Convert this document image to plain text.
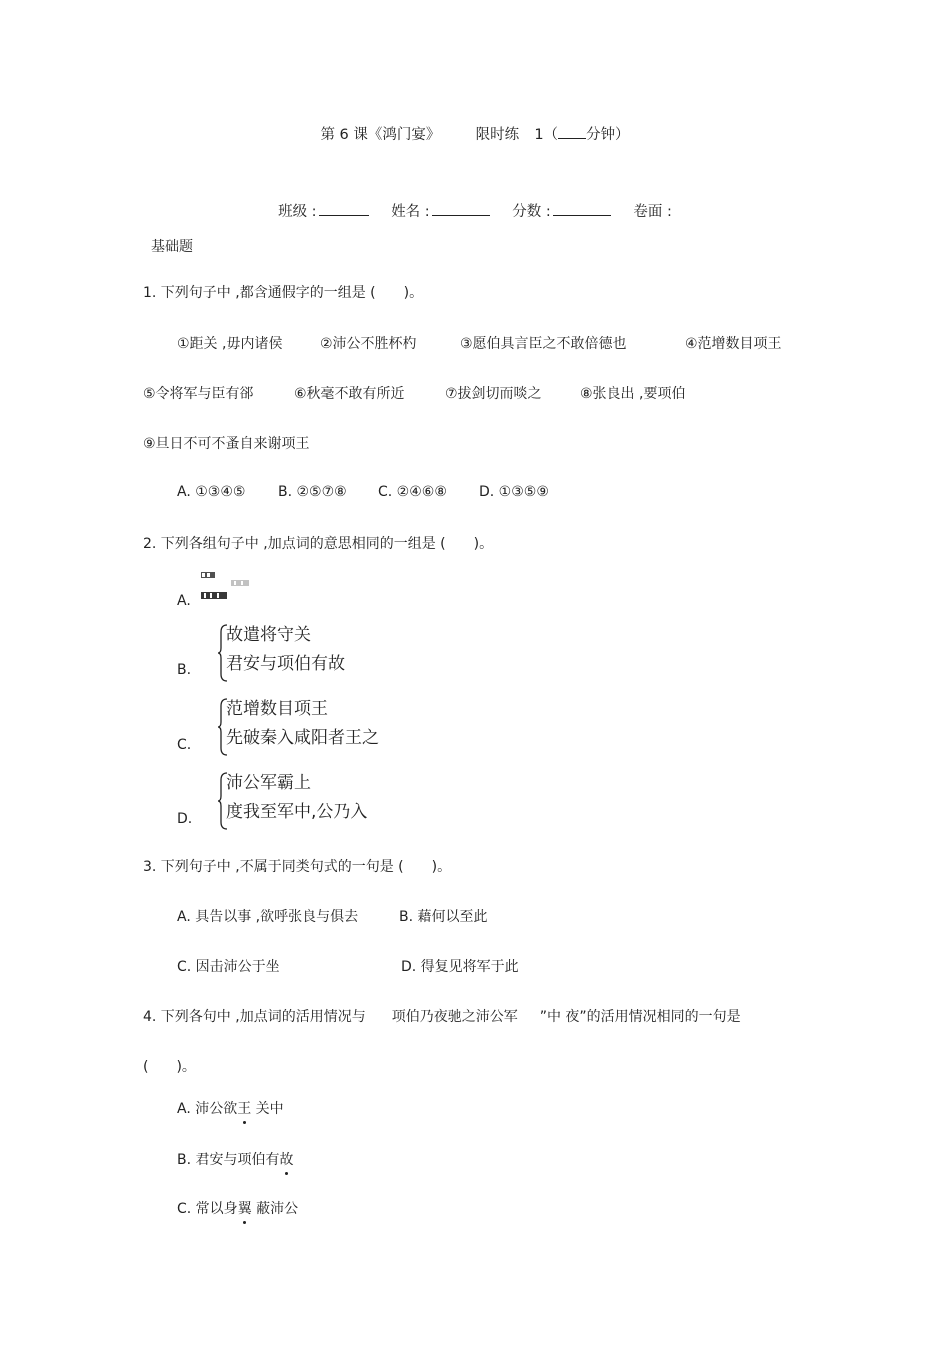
第 6 课《鸿门宴》 限时练 1（ 分钟）
班级 :	姓名 :	分数 :	卷面 :
基础题
1. 下列句子中 ,都含通假字的一组是 (　　)。
①距关 ,毋内诸侯	②沛公不胜杯杓	③愿伯具言臣之不敢倍德也	④范增数目项王
⑤令将军与臣有郤	⑥秋毫不敢有所近	⑦拔剑切而啖之	⑧张良出 ,要项伯
⑨旦日不可不蚤自来谢项王
A. ①③④⑤ B. ②⑤⑦⑧ C. ②④⑥⑧ D. ①③⑤⑨
2. 下列各组句子中 ,加点词的意思相同的一组是 (　　)。
A.
B.
故遣将守关
君安与项伯有故
C.
范增数目项王
先破秦入咸阳者王之
D.
沛公军霸上
度我至军中,公乃入
3. 下列句子中 ,不属于同类句式的一句是 (　　)。
A. 具告以事 ,欲呼张良与俱去	B. 藉何以至此
C. 因击沛公于坐	D. 得复见将军于此
4. 下列各句中 ,加点词的活用情况与 项伯乃夜驰之沛公军 ”中 夜”的活用情况相同的一句是
(　　)。
A. 沛公欲王 关中
B. 君安与项伯有故
C. 常以身翼 蔽沛公
